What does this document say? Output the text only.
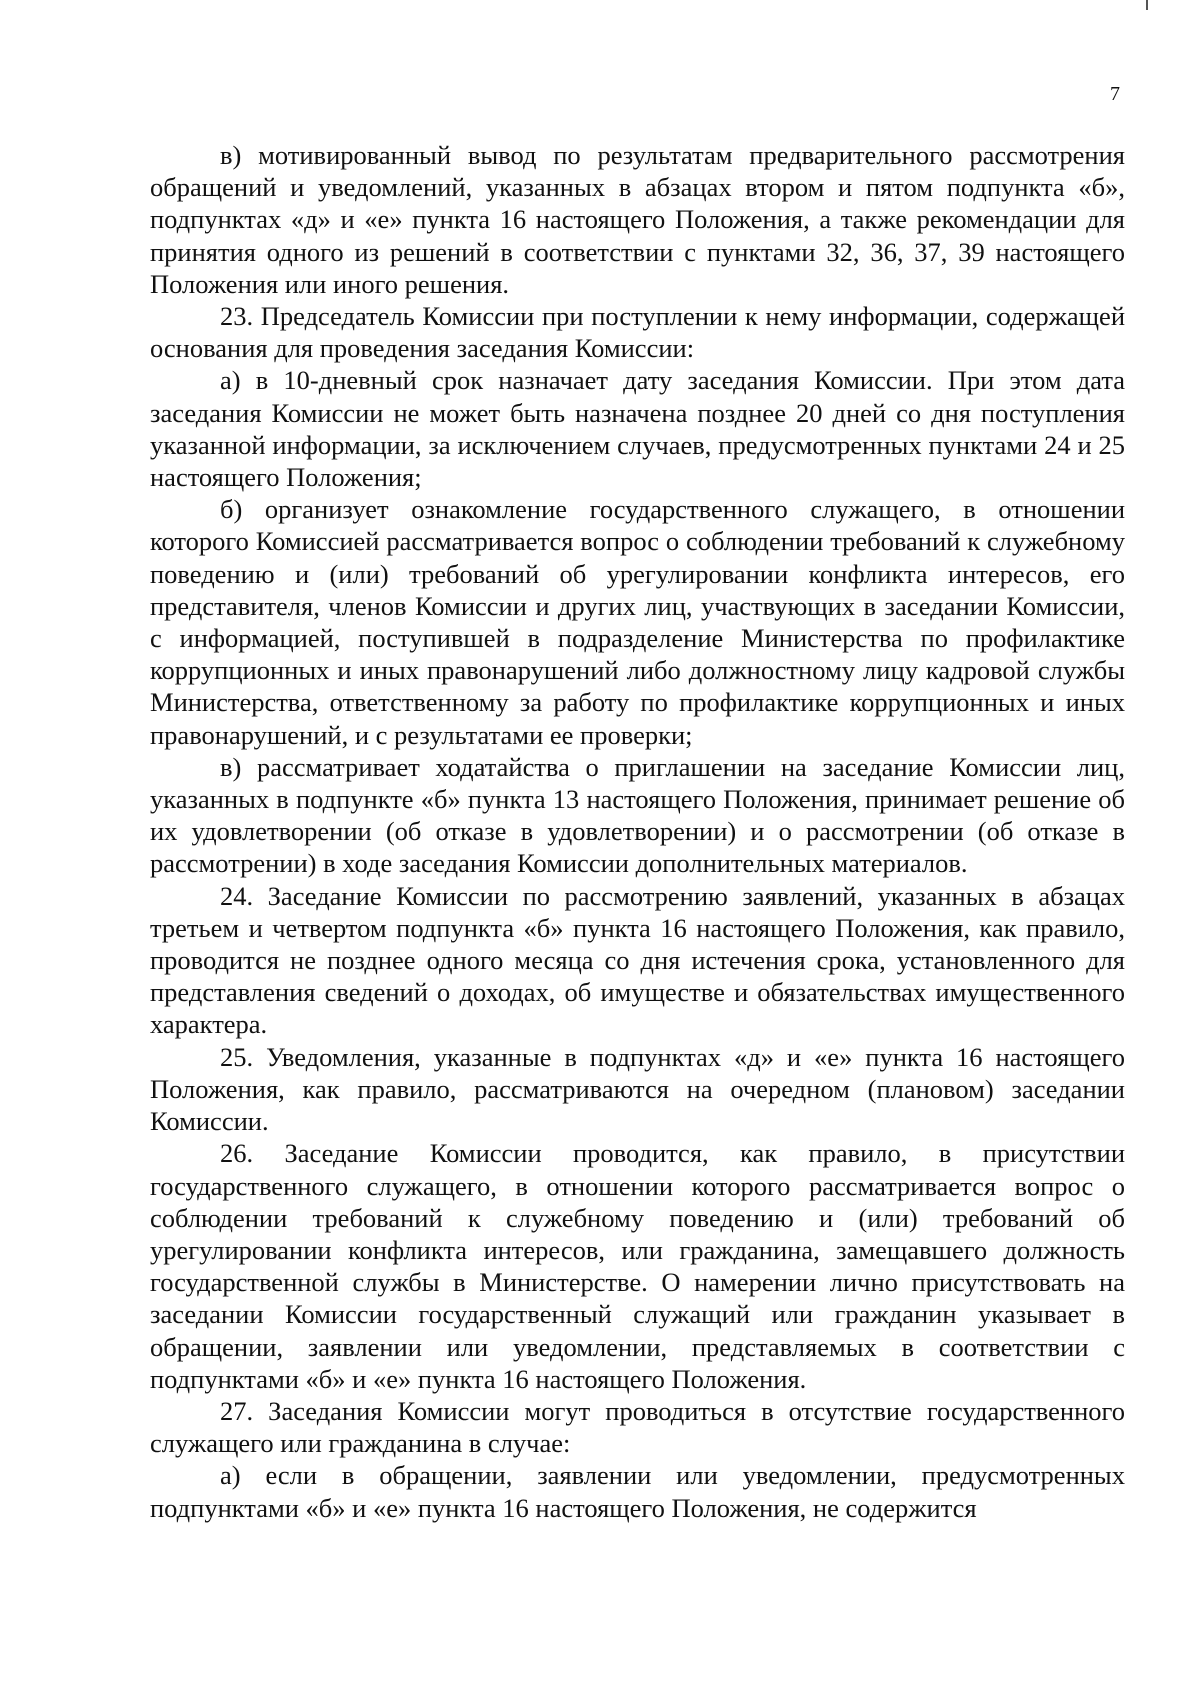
7

в) мотивированный вывод по результатам предварительного рассмотрения обращений и уведомлений, указанных в абзацах втором и пятом подпункта «б», подпунктах «д» и «е» пункта 16 настоящего Положения, а также рекомендации для принятия одного из решений в соответствии с пунктами 32, 36, 37, 39 настоящего Положения или иного решения.

23. Председатель Комиссии при поступлении к нему информации, содержащей основания для проведения заседания Комиссии:

а) в 10-дневный срок назначает дату заседания Комиссии. При этом дата заседания Комиссии не может быть назначена позднее 20 дней со дня поступления указанной информации, за исключением случаев, предусмотренных пунктами 24 и 25 настоящего Положения;

б) организует ознакомление государственного служащего, в отношении которого Комиссией рассматривается вопрос о соблюдении требований к служебному поведению и (или) требований об урегулировании конфликта интересов, его представителя, членов Комиссии и других лиц, участвующих в заседании Комиссии, с информацией, поступившей в подразделение Министерства по профилактике коррупционных и иных правонарушений либо должностному лицу кадровой службы Министерства, ответственному за работу по профилактике коррупционных и иных правонарушений, и с результатами ее проверки;

в) рассматривает ходатайства о приглашении на заседание Комиссии лиц, указанных в подпункте «б» пункта 13 настоящего Положения, принимает решение об их удовлетворении (об отказе в удовлетворении) и о рассмотрении (об отказе в рассмотрении) в ходе заседания Комиссии дополнительных материалов.

24. Заседание Комиссии по рассмотрению заявлений, указанных в абзацах третьем и четвертом подпункта «б» пункта 16 настоящего Положения, как правило, проводится не позднее одного месяца со дня истечения срока, установленного для представления сведений о доходах, об имуществе и обязательствах имущественного характера.

25. Уведомления, указанные в подпунктах «д» и «е» пункта 16 настоящего Положения, как правило, рассматриваются на очередном (плановом) заседании Комиссии.

26. Заседание Комиссии проводится, как правило, в присутствии государственного служащего, в отношении которого рассматривается вопрос о соблюдении требований к служебному поведению и (или) требований об урегулировании конфликта интересов, или гражданина, замещавшего должность государственной службы в Министерстве. О намерении лично присутствовать на заседании Комиссии государственный служащий или гражданин указывает в обращении, заявлении или уведомлении, представляемых в соответствии с подпунктами «б» и «е» пункта 16 настоящего Положения.

27. Заседания Комиссии могут проводиться в отсутствие государственного служащего или гражданина в случае:

а) если в обращении, заявлении или уведомлении, предусмотренных подпунктами «б» и «е» пункта 16 настоящего Положения, не содержится
